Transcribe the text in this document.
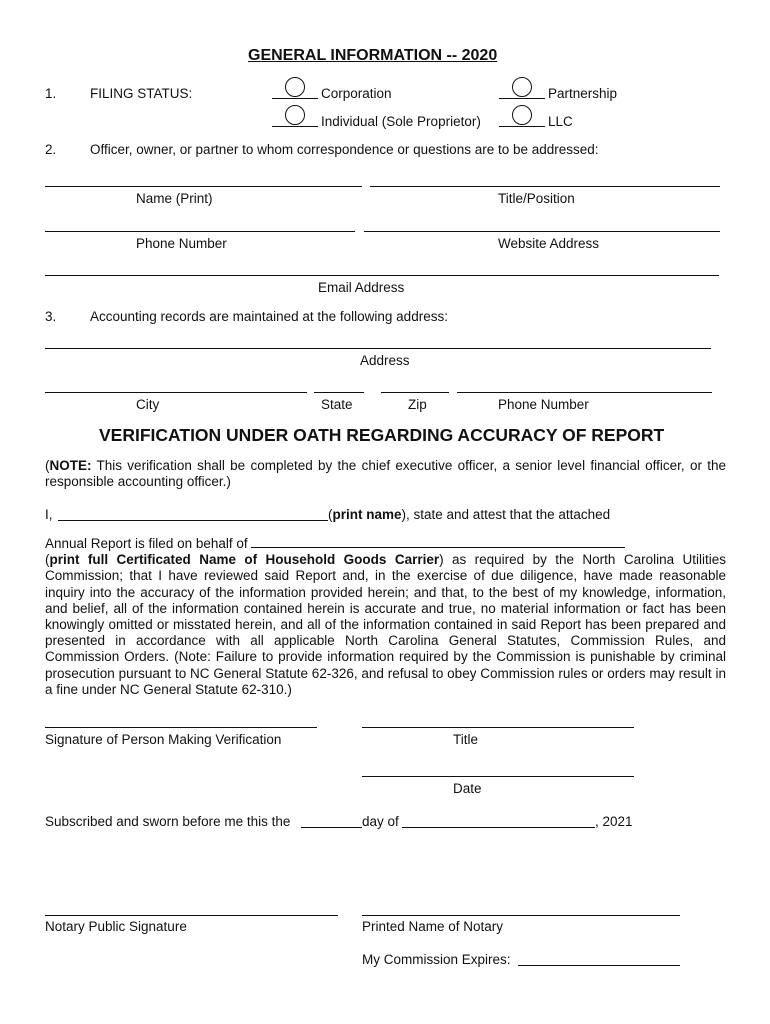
GENERAL INFORMATION -- 2020
1. FILING STATUS:	Corporation	Partnership
Individual (Sole Proprietor)	LLC
2. Officer, owner, or partner to whom correspondence or questions are to be addressed:
Name (Print)	Title/Position
Phone Number	Website Address
Email Address
3. Accounting records are maintained at the following address:
Address
City	State	Zip	Phone Number
VERIFICATION UNDER OATH REGARDING ACCURACY OF REPORT
(NOTE: This verification shall be completed by the chief executive officer, a senior level financial officer, or the responsible accounting officer.)
I,	(print name), state and attest that the attached

Annual Report is filed on behalf of

(print full Certificated Name of Household Goods Carrier) as required by the North Carolina Utilities Commission; that I have reviewed said Report and, in the exercise of due diligence, have made reasonable inquiry into the accuracy of the information provided herein; and that, to the best of my knowledge, information, and belief, all of the information contained herein is accurate and true, no material information or fact has been knowingly omitted or misstated herein, and all of the information contained in said Report has been prepared and presented in accordance with all applicable North Carolina General Statutes, Commission Rules, and Commission Orders. (Note: Failure to provide information required by the Commission is punishable by criminal prosecution pursuant to NC General Statute 62-326, and refusal to obey Commission rules or orders may result in a fine under NC General Statute 62-310.)

Signature of Person Making Verification	Title
Date
Subscribed and sworn before me this the	day of	, 2021
Notary Public Signature	Printed Name of Notary
My Commission Expires:
